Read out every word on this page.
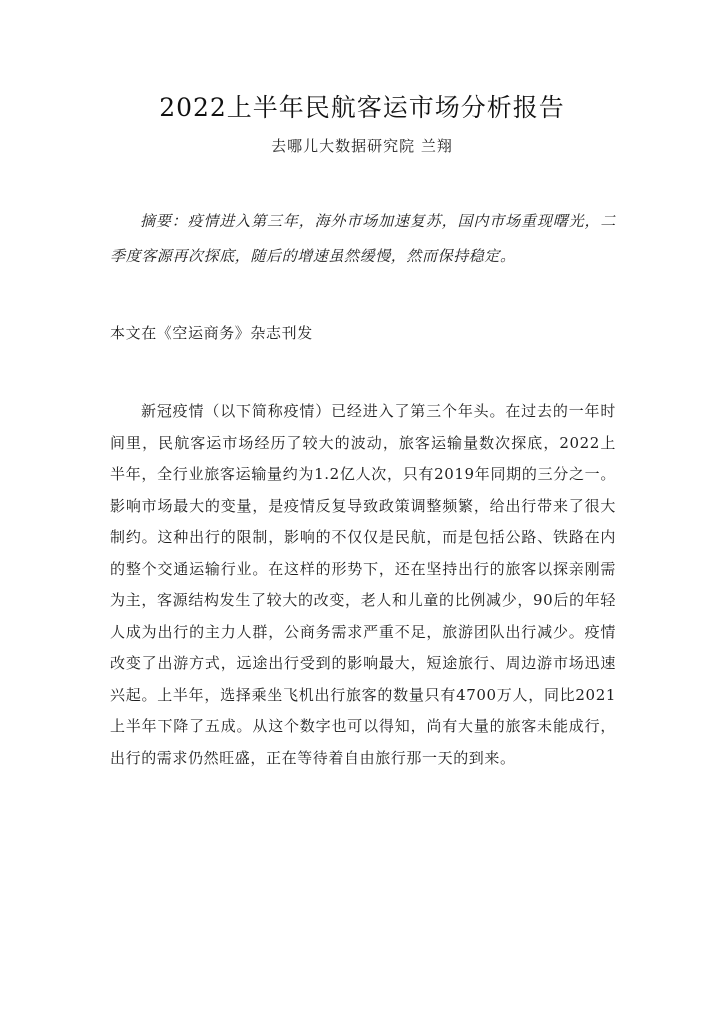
2022上半年民航客运市场分析报告
去哪儿大数据研究院 兰翔
摘要：疫情进入第三年，海外市场加速复苏，国内市场重现曙光，二季度客源再次探底，随后的增速虽然缓慢，然而保持稳定。
本文在《空运商务》杂志刊发
新冠疫情（以下简称疫情）已经进入了第三个年头。在过去的一年时间里，民航客运市场经历了较大的波动，旅客运输量数次探底，2022上半年，全行业旅客运输量约为1.2亿人次，只有2019年同期的三分之一。影响市场最大的变量，是疫情反复导致政策调整频繁，给出行带来了很大制约。这种出行的限制，影响的不仅仅是民航，而是包括公路、铁路在内的整个交通运输行业。在这样的形势下，还在坚持出行的旅客以探亲刚需为主，客源结构发生了较大的改变，老人和儿童的比例减少，90后的年轻人成为出行的主力人群，公商务需求严重不足，旅游团队出行减少。疫情改变了出游方式，远途出行受到的影响最大，短途旅行、周边游市场迅速兴起。上半年，选择乘坐飞机出行旅客的数量只有4700万人，同比2021上半年下降了五成。从这个数字也可以得知，尚有大量的旅客未能成行，出行的需求仍然旺盛，正在等待着自由旅行那一天的到来。
